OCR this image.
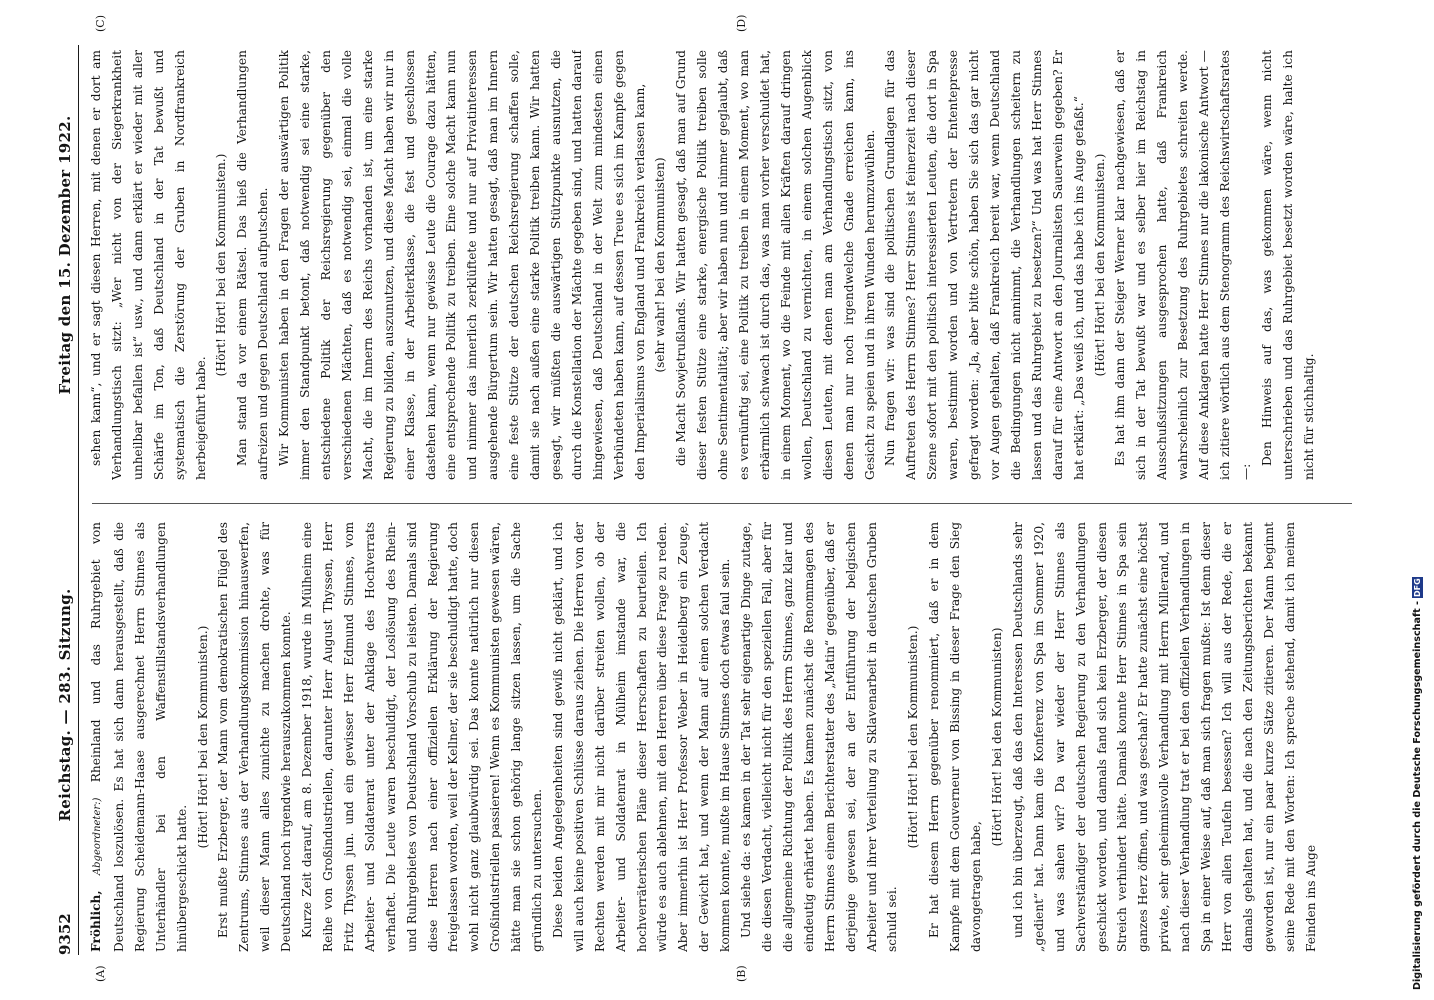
9352
Reichstag. — 283. Sitzung.
Freitag den 15. Dezember 1922.
(A)	(B)
(C)	(D)

Fröhlich, Abgeordneter:) Rheinland und das Ruhrgebiet von Deutschland loszulösen. Es hat sich dann herausgestellt, daß die Regierung Scheidemann-Haase ausgerechnet Herrn Stinnes als Unterhändler bei den Waffenstillstandsverhandlungen hinübergeschickt hatte.

(Hört! Hört! bei den Kommunisten.) Erst mußte Erzberger, der Mann vom demokratischen Flügel des Zentrums, Stinnes aus der Verhandlungskommission hinauswerfen, weil dieser Mann alles zunichte zu machen drohte, was für Deutschland noch irgendwie herauszukommen konnte. Kurze Zeit darauf, am 8. Dezember 1918, wurde in Mülheim eine Reihe von Großindustriellen, darunter Herr August Thyssen, Herr Fritz Thyssen jun. und ein gewisser Herr Edmund Stinnes, vom Arbeiter- und Soldatenrat unter der Anklage des Hochverrats verhaftet. Die Leute waren beschuldigt, der Loslösung des Rhein- und Ruhrgebietes von Deutschland Vorschub zu leisten. Damals sind diese Herren nach einer offiziellen Erklärung der Regierung freigelassen worden, weil der Kellner, der sie beschuldigt hatte, doch wohl nicht ganz glaubwürdig sei. Das konnte natürlich nur diesen Großindustriellen passieren! Wenn es Kommunisten gewesen wären, hätte man sie schon gehörig lange sitzen lassen, um die Sache gründlich zu untersuchen. Diese beiden Angelegenheiten sind gewiß nicht geklärt, und ich will auch keine positiven Schlüsse daraus ziehen. Die Herren von der Rechten werden mit mir nicht darüber streiten wollen, ob der Arbeiter- und Soldatenrat in Mülheim imstande war, die hochverräterischen Pläne dieser Herrschaften zu beurteilen. Ich würde es auch ablehnen, mit den Herren über diese Frage zu reden. Aber immerhin ist Herr Professor Weber in Heidelberg ein Zeuge, der Gewicht hat, und wenn der Mann auf einen solchen Verdacht kommen konnte, mußte im Hause Stinnes doch etwas faul sein. Und siehe da: es kamen in der Tat sehr eigenartige Dinge zutage, die diesen Verdacht, vielleicht nicht für den speziellen Fall, aber für die allgemeine Richtung der Politik des Herrn Stinnes, ganz klar und eindeutig erhärtet haben. Es kamen zunächst die Renommagen des Herrn Stinnes einem Berichterstatter des „Matin“ gegenüber, daß er derjenige gewesen sei, der an der Entführung der belgischen Arbeiter und ihrer Verteilung zu Sklavenarbeit in deutschen Gruben schuld sei.

(Hört! Hört! bei den Kommunisten.) Er hat diesem Herrn gegenüber renommiert, daß er in dem Kampfe mit dem Gouverneur von Bissing in dieser Frage den Sieg davongetragen habe,

(Hört! Hört! bei den Kommunisten) und ich bin überzeugt, daß das den Interessen Deutschlands sehr „gedient“ hat. Dann kam die Konferenz von Spa im Sommer 1920, und was sahen wir? Da war wieder der Herr Stinnes als Sachverständiger der deutschen Regierung zu den Verhandlungen geschickt worden, und damals fand sich kein Erzberger, der diesen Streich verhindert hätte. Damals konnte Herr Stinnes in Spa sein ganzes Herz öffnen, und was geschah? Er hatte zunächst eine höchst private, sehr geheimnisvolle Verhandlung mit Herrn Millerand, und nach dieser Verhandlung trat er bei den offiziellen Verhandlungen in Spa in einer Weise auf, daß man sich fragen mußte: Ist denn dieser Herr von allen Teufeln besessen? Ich will aus der Rede, die er damals gehalten hat, und die nach den Zeitungsberichten bekannt geworden ist, nur ein paar kurze Sätze zitieren. Der Mann beginnt seine Rede mit den Worten: Ich spreche stehend, damit ich meinen Feinden ins Auge

sehen kann“, und er sagt diesen Herren, mit denen er dort am Verhandlungstisch sitzt: „Wer nicht von der Siegerkrankheit unheilbar befallen ist“ usw., und dann erklärt er wieder mit aller Schärfe im Ton, daß Deutschland in der Tat bewußt und systematisch die Zerstörung der Gruben in Nordfrankreich herbeigeführt habe.

(Hört! Hört! bei den Kommunisten.) Man stand da vor einem Rätsel. Das hieß die Verhandlungen aufreizen und gegen Deutschland aufputschen. Wir Kommunisten haben in den Fragen der auswärtigen Politik immer den Standpunkt betont, daß notwendig sei eine starke, entschiedene Politik der Reichsregierung gegenüber den verschiedenen Mächten, daß es notwendig sei, einmal die volle Macht, die im Innern des Reichs vorhanden ist, um eine starke Regierung zu bilden, auszunutzen, und diese Macht haben wir nur in einer Klasse, in der Arbeiterklasse, die fest und geschlossen dastehen kann, wenn nur gewisse Leute die Courage dazu hätten, eine entsprechende Politik zu treiben. Eine solche Macht kann nun und nimmer das innerlich zerklüftete und nur auf Privatinteressen ausgehende Bürgertum sein. Wir hatten gesagt, daß man im Innern eine feste Stütze der deutschen Reichsregierung schaffen solle, damit sie nach außen eine starke Politik treiben kann. Wir hatten gesagt, wir müßten die auswärtigen Stützpunkte ausnutzen, die durch die Konstellation der Mächte gegeben sind, und hatten darauf hingewiesen, daß Deutschland in der Welt zum mindesten einen Verbündeten haben kann, auf dessen Treue es sich im Kampfe gegen den Imperialismus von England und Frankreich verlassen kann, (sehr wahr! bei den Kommunisten) die Macht Sowjetrußlands. Wir hatten gesagt, daß man auf Grund dieser festen Stütze eine starke, energische Politik treiben solle ohne Sentimentalität; aber wir haben nun und nimmer geglaubt, daß es vernünftig sei, eine Politik zu treiben in einem Moment, wo man erbärmlich schwach ist durch das, was man vorher verschuldet hat, in einem Moment, wo die Feinde mit allen Kräften darauf dringen wollen, Deutschland zu vernichten, in einem solchen Augenblick diesen Leuten, mit denen man am Verhandlungstisch sitzt, von denen man nur noch irgendwelche Gnade erreichen kann, ins Gesicht zu speien und in ihren Wunden herumzuwühlen. Nun fragen wir: was sind die politischen Grundlagen für das Auftreten des Herrn Stinnes? Herr Stinnes ist feinerzeit nach dieser Szene sofort mit den politisch interessierten Leuten, die dort in Spa waren, bestimmt worden und von Vertretern der Ententepresse gefragt worden: „Ja, aber bitte schön, haben Sie sich das gar nicht vor Augen gehalten, daß Frankreich bereit war, wenn Deutschland die Bedingungen nicht annimmt, die Verhandlungen scheitern zu lassen und das Ruhrgebiet zu besetzen?“ Und was hat Herr Stinnes darauf für eine Antwort an den Journalisten Sauerwein gegeben? Er hat erklärt: „Das weiß ich, und das habe ich ins Auge gefaßt.“ (Hört! Hört! bei den Kommunisten.) Es hat ihm dann der Steiger Werner klar nachgewiesen, daß er sich in der Tat bewußt war und es selber hier im Reichstag in Ausschußsitzungen ausgesprochen hatte, daß Frankreich wahrscheinlich zur Besetzung des Ruhrgebietes schreiten werde. Auf diese Anklagen hatte Herr Stinnes nur die lakonische Antwort — ich zitiere wörtlich aus dem Stenogramm des Reichswirtschaftsrates —:

Den Hinweis auf das, was gekommen wäre, wenn nicht unterschrieben und das Ruhrgebiet besetzt worden wäre, halte ich nicht für stichhaltig.

Digitalisierung gefördert durch die Deutsche Forschungsgemeinschaft - DFG
